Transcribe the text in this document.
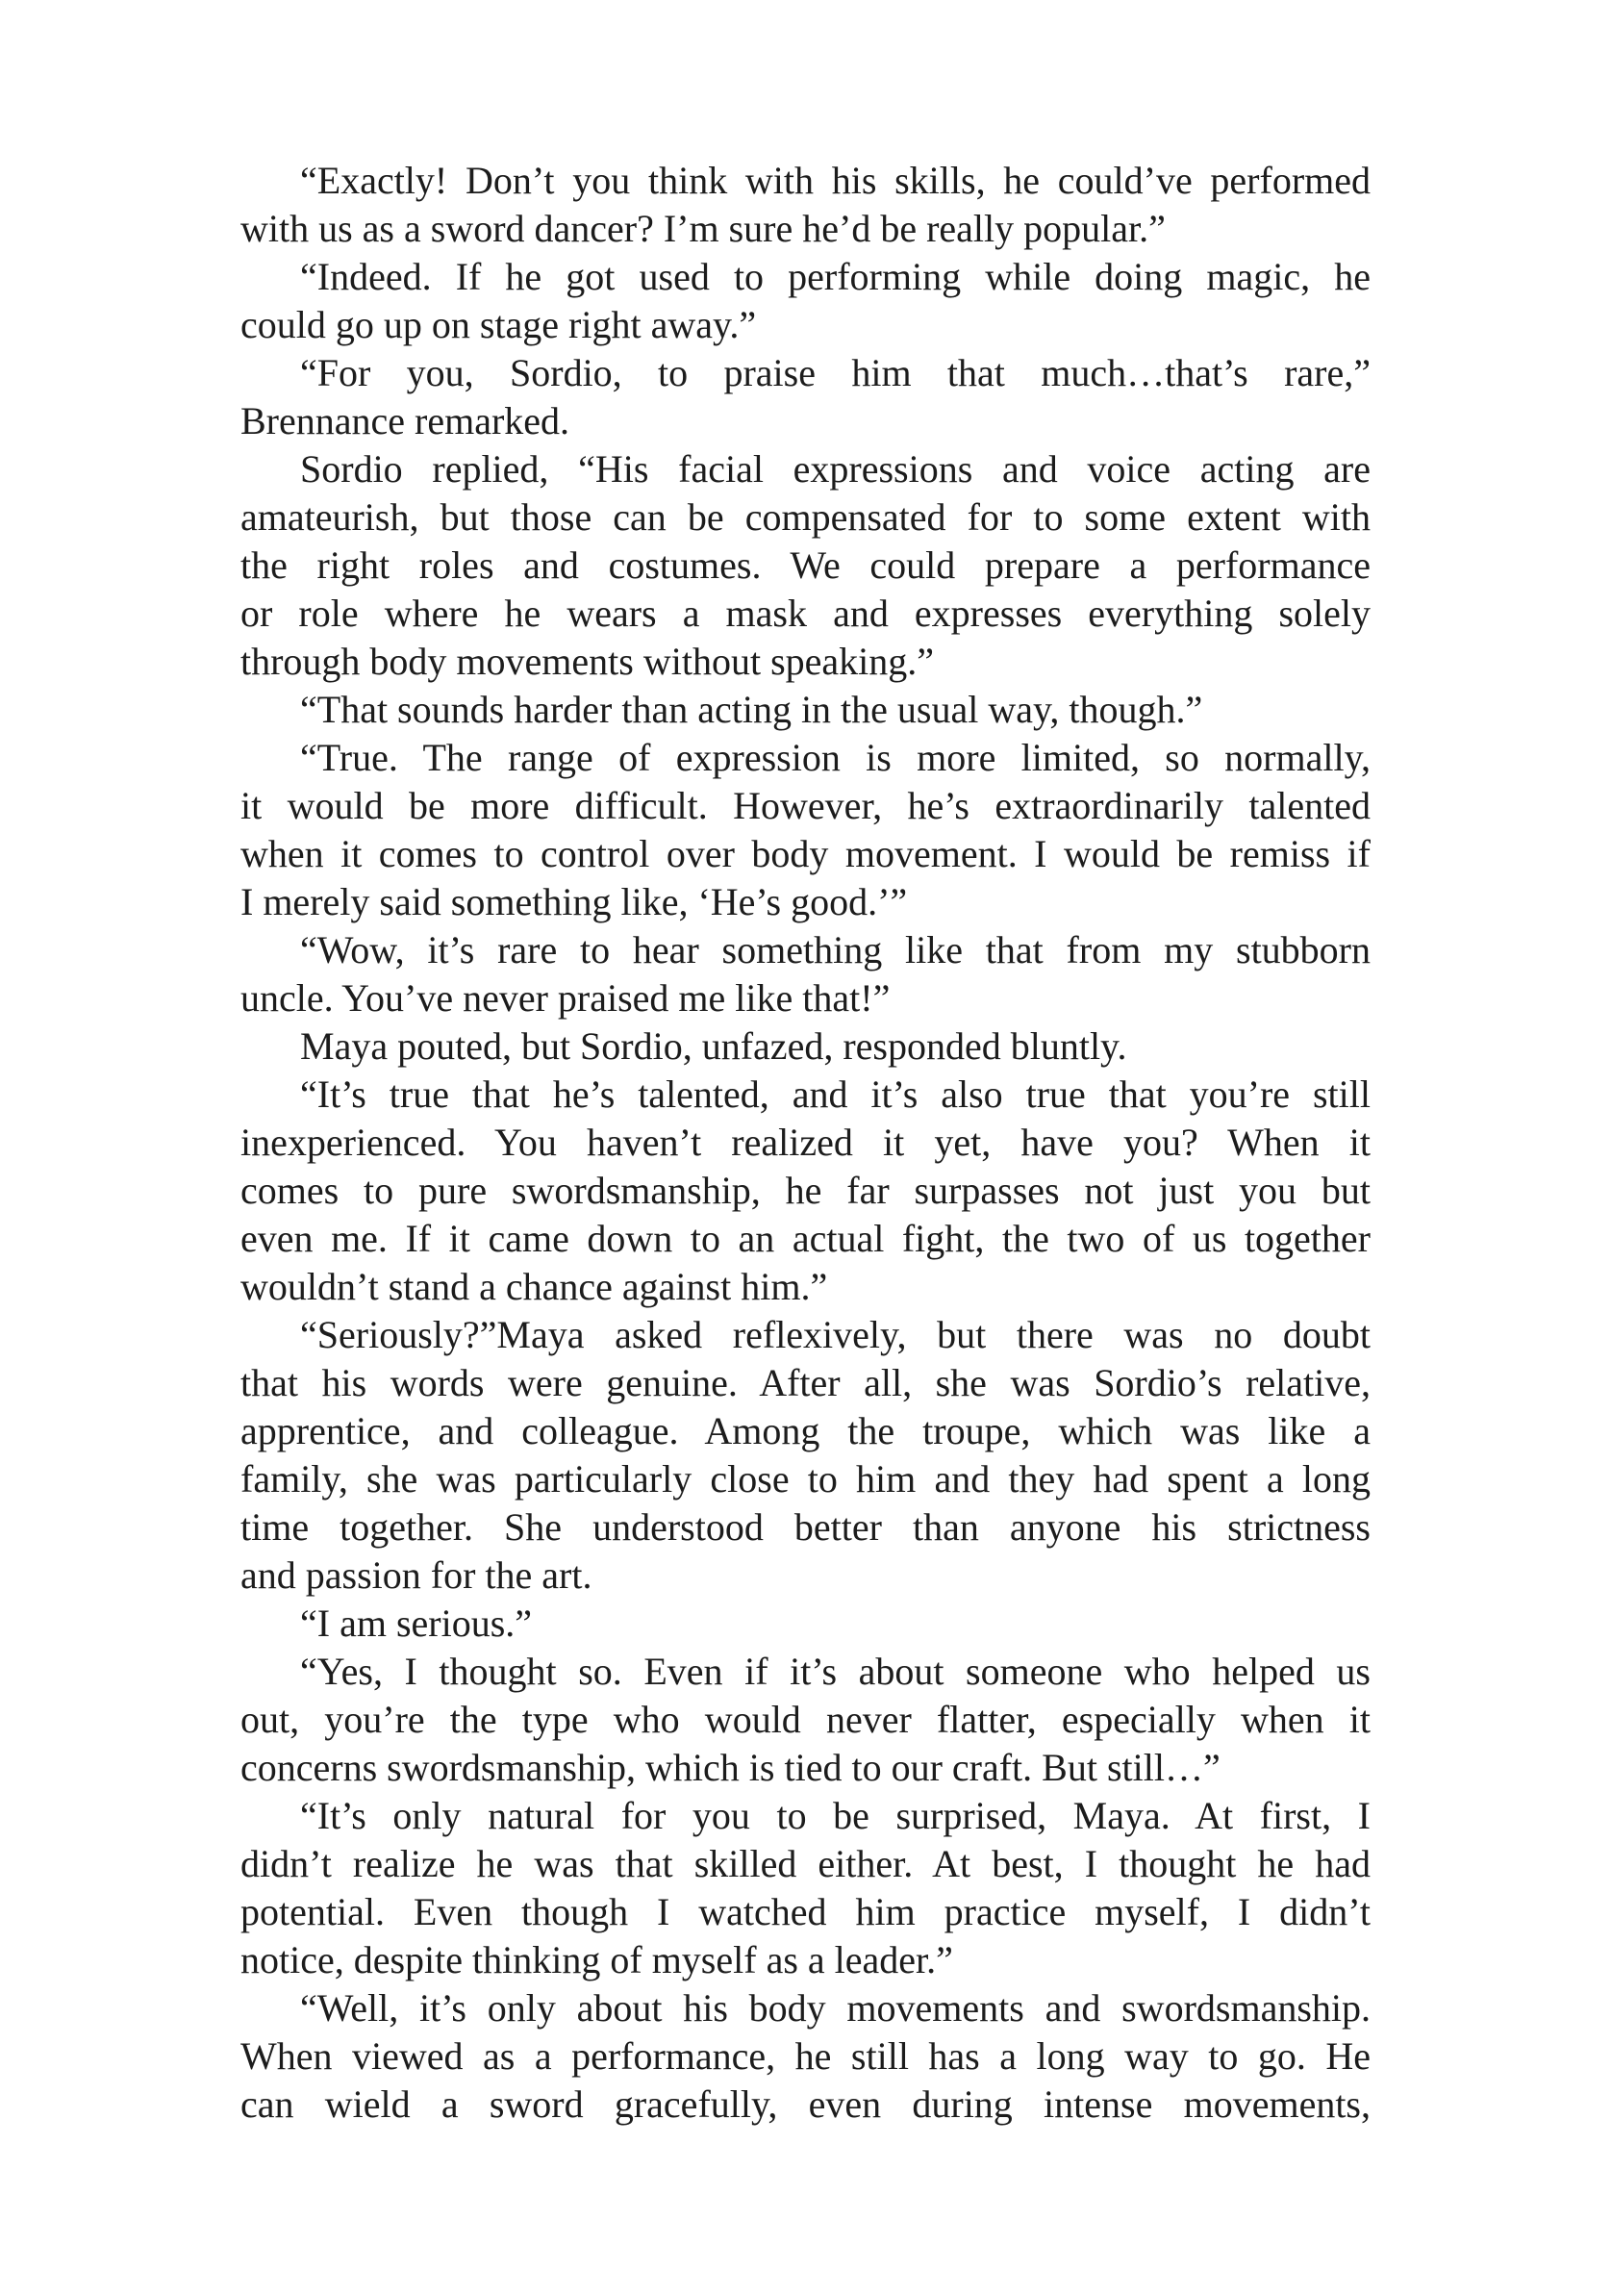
“Exactly! Don’t you think with his skills, he could’ve performed
with us as a sword dancer? I’m sure he’d be really popular.”

“Indeed. If he got used to performing while doing magic, he
could go up on stage right away.”

“For you, Sordio, to praise him that much…that’s rare,”
Brennance remarked.

Sordio replied, “His facial expressions and voice acting are
amateurish, but those can be compensated for to some extent with
the right roles and costumes. We could prepare a performance
or role where he wears a mask and expresses everything solely
through body movements without speaking.”

“That sounds harder than acting in the usual way, though.”

“True. The range of expression is more limited, so normally,
it would be more difficult. However, he’s extraordinarily talented
when it comes to control over body movement. I would be remiss if
I merely said something like, ‘He’s good.’”

“Wow, it’s rare to hear something like that from my stubborn
uncle. You’ve never praised me like that!”

Maya pouted, but Sordio, unfazed, responded bluntly.

“It’s true that he’s talented, and it’s also true that you’re still
inexperienced. You haven’t realized it yet, have you? When it
comes to pure swordsmanship, he far surpasses not just you but
even me. If it came down to an actual fight, the two of us together
wouldn’t stand a chance against him.”

“Seriously?”Maya asked reflexively, but there was no doubt
that his words were genuine. After all, she was Sordio’s relative,
apprentice, and colleague. Among the troupe, which was like a
family, she was particularly close to him and they had spent a long
time together. She understood better than anyone his strictness
and passion for the art.

“I am serious.”

“Yes, I thought so. Even if it’s about someone who helped us
out, you’re the type who would never flatter, especially when it
concerns swordsmanship, which is tied to our craft. But still…”

“It’s only natural for you to be surprised, Maya. At first, I
didn’t realize he was that skilled either. At best, I thought he had
potential. Even though I watched him practice myself, I didn’t
notice, despite thinking of myself as a leader.”

“Well, it’s only about his body movements and swordsmanship.
When viewed as a performance, he still has a long way to go. He
can wield a sword gracefully, even during intense movements,
